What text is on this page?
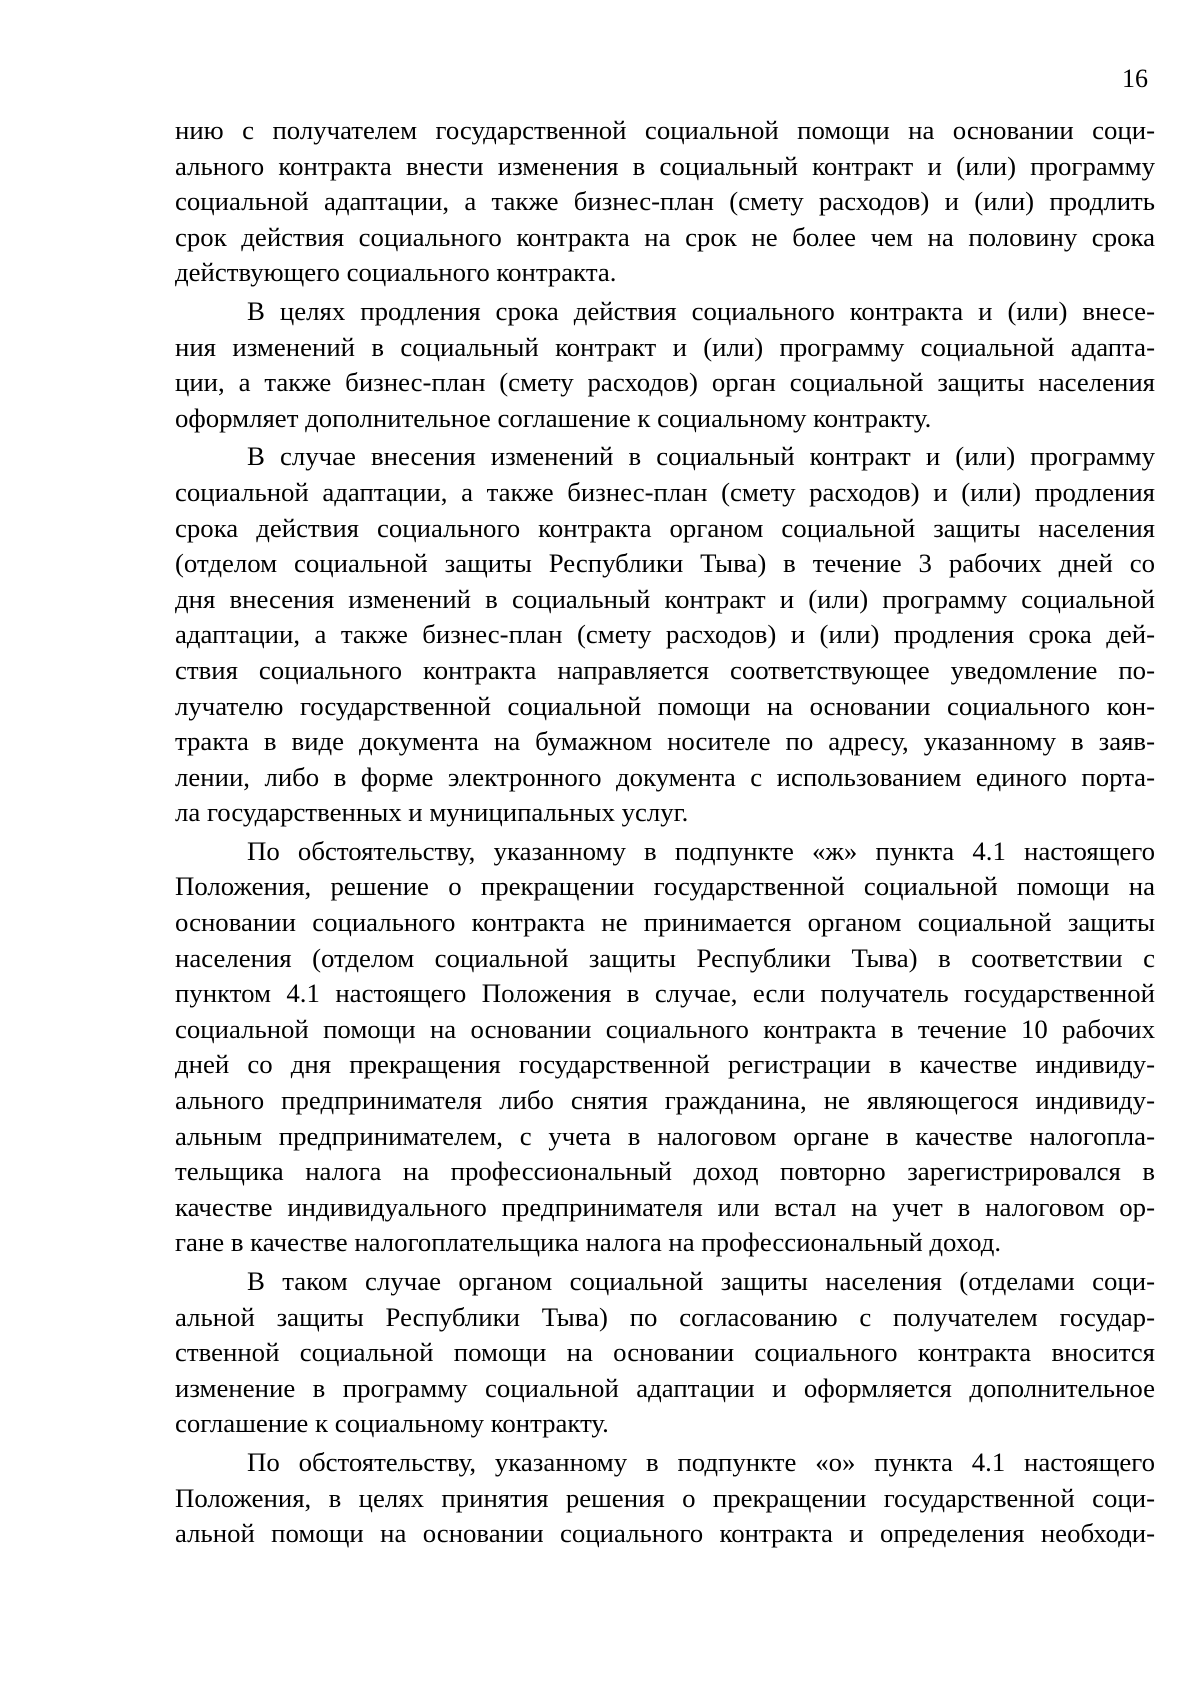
16
нию с получателем государственной социальной помощи на основании соци-
ального контракта внести изменения в социальный контракт и (или) программу
социальной адаптации, а также бизнес-план (смету расходов) и (или) продлить
срок действия социального контракта на срок не более чем на половину срока
действующего социального контракта.
В целях продления срока действия социального контракта и (или) внесе-
ния изменений в социальный контракт и (или) программу социальной адапта-
ции, а также бизнес-план (смету расходов) орган социальной защиты населения
оформляет дополнительное соглашение к социальному контракту.
В случае внесения изменений в социальный контракт и (или) программу
социальной адаптации, а также бизнес-план (смету расходов) и (или) продления
срока действия социального контракта органом социальной защиты населения
(отделом социальной защиты Республики Тыва) в течение 3 рабочих дней со
дня внесения изменений в социальный контракт и (или) программу социальной
адаптации, а также бизнес-план (смету расходов) и (или) продления срока дей-
ствия социального контракта направляется соответствующее уведомление по-
лучателю государственной социальной помощи на основании социального кон-
тракта в виде документа на бумажном носителе по адресу, указанному в заяв-
лении, либо в форме электронного документа с использованием единого порта-
ла государственных и муниципальных услуг.
По обстоятельству, указанному в подпункте «ж» пункта 4.1 настоящего
Положения, решение о прекращении государственной социальной помощи на
основании социального контракта не принимается органом социальной защиты
населения (отделом социальной защиты Республики Тыва) в соответствии с
пунктом 4.1 настоящего Положения в случае, если получатель государственной
социальной помощи на основании социального контракта в течение 10 рабочих
дней со дня прекращения государственной регистрации в качестве индивиду-
ального предпринимателя либо снятия гражданина, не являющегося индивиду-
альным предпринимателем, с учета в налоговом органе в качестве налогопла-
тельщика налога на профессиональный доход повторно зарегистрировался в
качестве индивидуального предпринимателя или встал на учет в налоговом ор-
гане в качестве налогоплательщика налога на профессиональный доход.
В таком случае органом социальной защиты населения (отделами соци-
альной защиты Республики Тыва) по согласованию с получателем государ-
ственной социальной помощи на основании социального контракта вносится
изменение в программу социальной адаптации и оформляется дополнительное
соглашение к социальному контракту.
По обстоятельству, указанному в подпункте «о» пункта 4.1 настоящего
Положения, в целях принятия решения о прекращении государственной соци-
альной помощи на основании социального контракта и определения необходи-
